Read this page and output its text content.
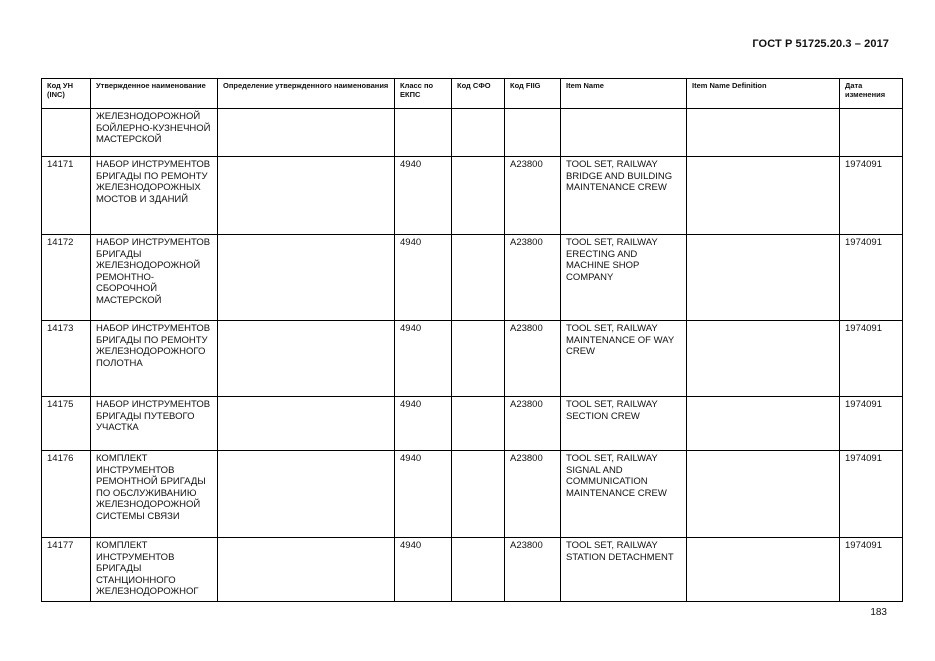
ГОСТ Р 51725.20.3 – 2017
Код УН (INC)	Утвержденное наименование	Определение утвержденного наименования	Класс по ЕКПС	Код СФО	Код FIIG	Item Name	Item Name Definition	Дата изменения
	ЖЕЛЕЗНОДОРОЖНОЙ БОЙЛЕРНО-КУЗНЕЧНОЙ МАСТЕРСКОЙ							
14171	НАБОР ИНСТРУМЕНТОВ БРИГАДЫ ПО РЕМОНТУ ЖЕЛЕЗНОДОРОЖНЫХ МОСТОВ И ЗДАНИЙ		4940		A23800	TOOL SET, RAILWAY BRIDGE AND BUILDING MAINTENANCE CREW		1974091
14172	НАБОР ИНСТРУМЕНТОВ БРИГАДЫ ЖЕЛЕЗНОДОРОЖНОЙ РЕМОНТНО-СБОРОЧНОЙ МАСТЕРСКОЙ		4940		A23800	TOOL SET, RAILWAY ERECTING AND MACHINE SHOP COMPANY		1974091
14173	НАБОР ИНСТРУМЕНТОВ БРИГАДЫ ПО РЕМОНТУ ЖЕЛЕЗНОДОРОЖНОГО ПОЛОТНА		4940		A23800	TOOL SET, RAILWAY MAINTENANCE OF WAY CREW		1974091
14175	НАБОР ИНСТРУМЕНТОВ БРИГАДЫ ПУТЕВОГО УЧАСТКА		4940		A23800	TOOL SET, RAILWAY SECTION CREW		1974091
14176	КОМПЛЕКТ ИНСТРУМЕНТОВ РЕМОНТНОЙ БРИГАДЫ ПО ОБСЛУЖИВАНИЮ ЖЕЛЕЗНОДОРОЖНОЙ СИСТЕМЫ СВЯЗИ		4940		A23800	TOOL SET, RAILWAY SIGNAL AND COMMUNICATION MAINTENANCE CREW		1974091
14177	КОМПЛЕКТ ИНСТРУМЕНТОВ БРИГАДЫ СТАНЦИОННОГО ЖЕЛЕЗНОДОРОЖНОГ		4940		A23800	TOOL SET, RAILWAY STATION DETACHMENT		1974091
183
